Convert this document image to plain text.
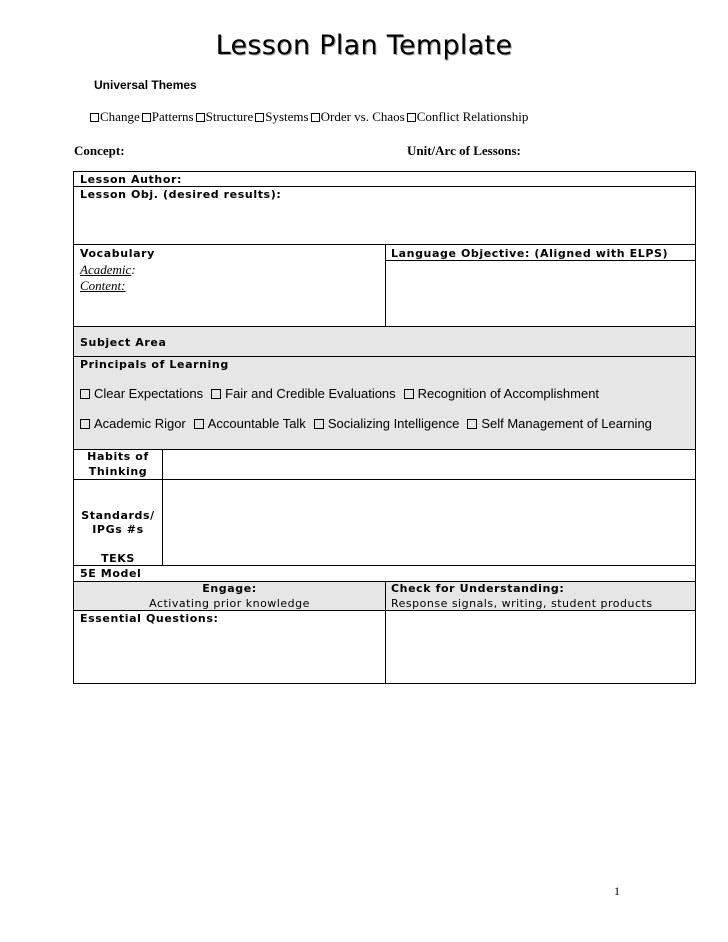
Lesson Plan Template
Universal Themes
Change Patterns Structure Systems Order vs. Chaos Conflict Relationship
Concept:	Unit/Arc of Lessons:
Lesson Author:
Lesson Obj. (desired results):
Vocabulary	Language Objective: (Aligned with ELPS)
Academic:
Content:
Subject Area
Principals of Learning
Clear Expectations Fair and Credible Evaluations Recognition of Accomplishment
Academic Rigor Accountable Talk Socializing Intelligence Self Management of Learning
Habits of
Thinking
Standards/
IPGs #s
TEKS
5E Model
Engage:
Activating prior knowledge
Check for Understanding:
Response signals, writing, student products
Essential Questions:
1
